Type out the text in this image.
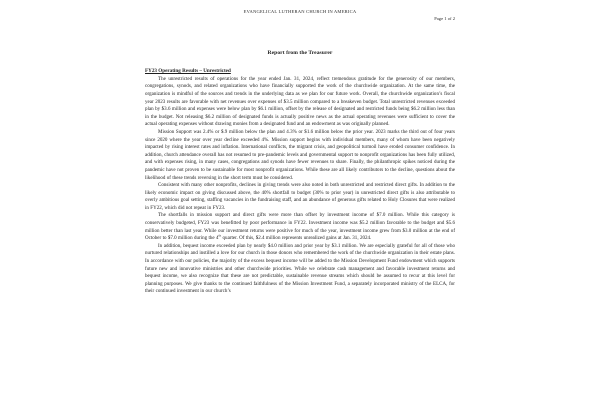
EVANGELICAL LUTHERAN CHURCH IN AMERICA
Page 1 of 2
Report from the Treasurer
FY23 Operating Results – Unrestricted

The unrestricted results of operations for the year ended Jan. 31, 2024, reflect tremendous gratitude for the generosity of our members, congregations, synods, and related organizations who have financially supported the work of the churchwide organization. At the same time, the organization is mindful of the sources and trends in the underlying data as we plan for our future work. Overall, the churchwide organization’s fiscal year 2023 results are favorable with net revenues over expenses of $3.5 million compared to a breakeven budget. Total unrestricted revenues exceeded plan by $3.6 million and expenses were below plan by $6.1 million, offset by the release of designated and restricted funds being $6.2 million less than in the budget. Not releasing $6.2 million of designated funds is actually positive news as the actual operating revenues were sufficient to cover the actual operating expenses without drawing monies from a designated fund and an endowment as was originally planned.

Mission Support was 2.4% or $.9 million below the plan and 4.3% or $1.6 million below the prior year. 2023 marks the third out of four years since 2020 where the year over year decline exceeded 4%. Mission support begins with individual members, many of whom have been negatively impacted by rising interest rates and inflation. International conflicts, the migrant crisis, and geopolitical turmoil have eroded consumer confidence. In addition, church attendance overall has not resumed to pre-pandemic levels and governmental support to nonprofit organizations has been fully utilized, and with expenses rising, in many cases, congregations and synods have fewer revenues to share. Finally, the philanthropic spikes noticed during the pandemic have not proven to be sustainable for most nonprofit organizations. While these are all likely contributors to the decline, questions about the likelihood of these trends reversing in the short term must be considered.

Consistent with many other nonprofits, declines in giving trends were also noted in both unrestricted and restricted direct gifts. In addition to the likely economic impact on giving discussed above, the 40% shortfall to budget (30% to prior year) in unrestricted direct gifts is also attributable to overly ambitious goal setting, staffing vacancies in the fundraising staff, and an abundance of generous gifts related to Holy Closures that were realized in FY22, which did not repeat in FY23.

The shortfalls in mission support and direct gifts were more than offset by investment income of $7.0 million. While this category is conservatively budgeted, FY23 was benefitted by poor performance in FY22. Investment income was $5.2 million favorable to the budget and $5.6 million better than last year. While our investment returns were positive for much of the year, investment income grew from $3.0 million at the end of October to $7.0 million during the 4th quarter. Of this, $2.4 million represents unrealized gains at Jan. 31, 2024.

In addition, bequest income exceeded plan by nearly $4.0 million and prior year by $3.1 million. We are especially grateful for all of those who nurtured relationships and instilled a love for our church in those donors who remembered the work of the churchwide organization in their estate plans. In accordance with our policies, the majority of the excess bequest income will be added to the Mission Development Fund endowment which supports future new and innovative ministries and other churchwide priorities. While we celebrate cash management and favorable investment returns and bequest income, we also recognize that these are not predictable, sustainable revenue streams which should be assumed to recur at this level for planning purposes. We give thanks to the continued faithfulness of the Mission Investment Fund, a separately incorporated ministry of the ELCA, for their continued investment in our church’s
